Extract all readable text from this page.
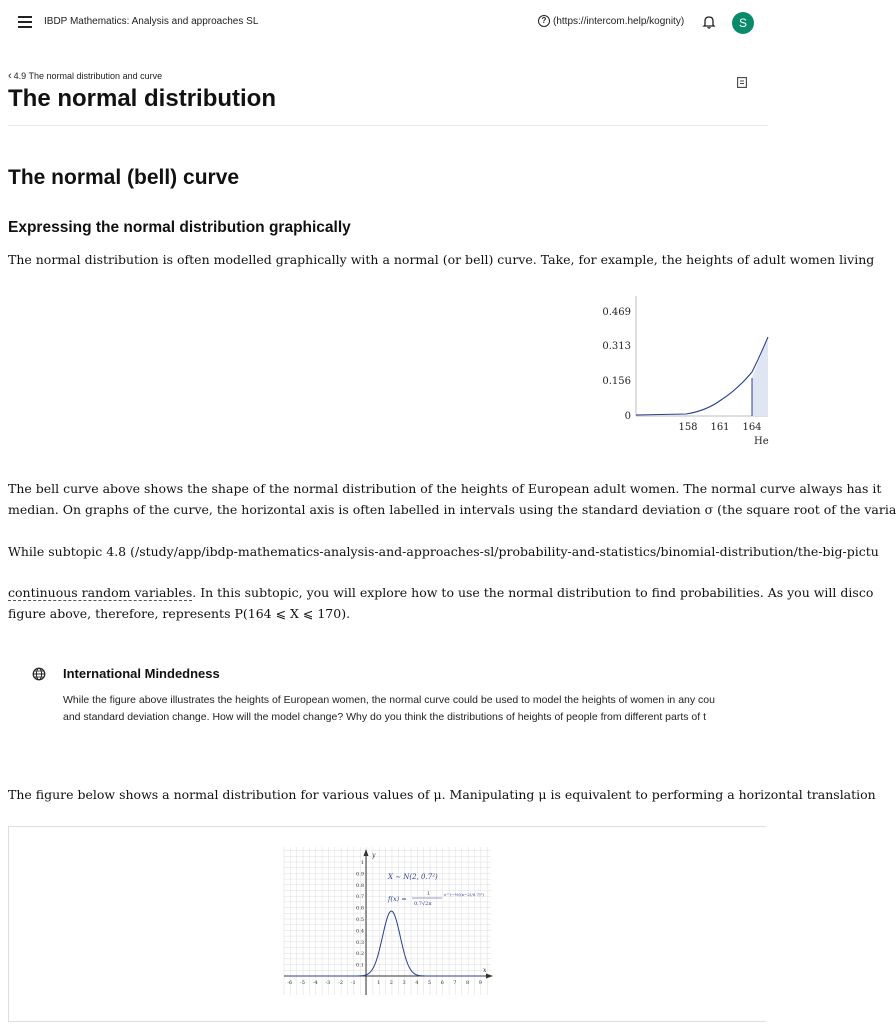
IBDP Mathematics: Analysis and approaches SL	? (https://intercom.help/kognity)	S
‹ 4.9 The normal distribution and curve
The normal distribution
The normal (bell) curve
Expressing the normal distribution graphically
The normal distribution is often modelled graphically with a normal (or bell) curve. Take, for example, the heights of adult women living
0
0.156
0.313
0.469
158 161 164
He
The bell curve above shows the shape of the normal distribution of the heights of European adult women. The normal curve always has it
median. On graphs of the curve, the horizontal axis is often labelled in intervals using the standard deviation σ (the square root of the varia
While subtopic 4.8 (/study/app/ibdp-mathematics-analysis-and-approaches-sl/probability-and-statistics/binomial-distribution/the-big-pictu
continuous random variables. In this subtopic, you will explore how to use the normal distribution to find probabilities. As you will disco
figure above, therefore, represents P(164 ⩽ X ⩽ 170).
International Mindedness
While the figure above illustrates the heights of European women, the normal curve could be used to model the heights of women in any cou
and standard deviation change. How will the model change? Why do you think the distributions of heights of people from different parts of t
The figure below shows a normal distribution for various values of μ. Manipulating μ is equivalent to performing a horizontal translation
y
x
0.1
0.2
0.3
0.4
0.5
0.6
0.7
0.8
0.9
1
-6 -5 -4 -3 -2 -1	1 2 3 4 5 6 7 8 9
X ∼ N(2, 0.7²)
f(x) =
1
0.7√2π
e^(−½((x−2)/0.7)²)
